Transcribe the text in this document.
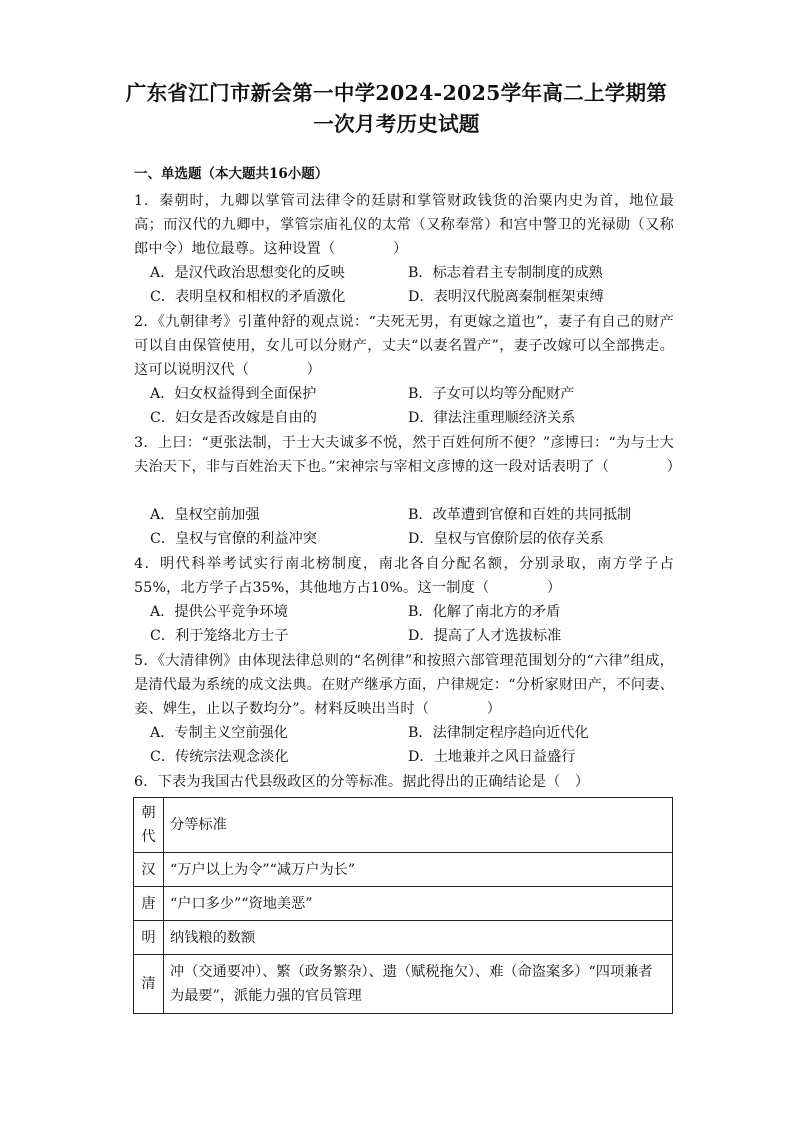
广东省江门市新会第一中学2024-2025学年高二上学期第
一次月考历史试题
一、单选题（本大题共16小题）
1．秦朝时，九卿以掌管司法律令的廷尉和掌管财政钱货的治粟内史为首，地位最高；而汉代的九卿中，掌管宗庙礼仪的太常（又称奉常）和宫中警卫的光禄勋（又称郎中令）地位最尊。这种设置（　　　　）
A．是汉代政治思想变化的反映	B．标志着君主专制制度的成熟
C．表明皇权和相权的矛盾激化	D．表明汉代脱离秦制框架束缚
2．《九朝律考》引董仲舒的观点说：“夫死无男，有更嫁之道也”，妻子有自己的财产可以自由保管使用，女儿可以分财产，丈夫“以妻名置产”，妻子改嫁可以全部携走。这可以说明汉代（　　　　）
A．妇女权益得到全面保护	B．子女可以均等分配财产
C．妇女是否改嫁是自由的	D．律法注重理顺经济关系
3．上曰：“更张法制，于士大夫诚多不悦，然于百姓何所不便？”彦博曰：“为与士大夫治天下，非与百姓治天下也。”宋神宗与宰相文彦博的这一段对话表明了（　　　　）
A．皇权空前加强	B．改革遭到官僚和百姓的共同抵制
C．皇权与官僚的利益冲突	D．皇权与官僚阶层的依存关系
4．明代科举考试实行南北榜制度，南北各自分配名额，分别录取，南方学子占55%，北方学子占35%，其他地方占10%。这一制度（　　　　）
A．提供公平竞争环境	B．化解了南北方的矛盾
C．利于笼络北方士子	D．提高了人才选拔标准
5．《大清律例》由体现法律总则的“名例律”和按照六部管理范围划分的“六律”组成，是清代最为系统的成文法典。在财产继承方面，户律规定：“分析家财田产，不问妻、妾、婢生，止以子数均分”。材料反映出当时（　　　　）
A．专制主义空前强化	B．法律制定程序趋向近代化
C．传统宗法观念淡化	D．土地兼并之风日益盛行
6．下表为我国古代县级政区的分等标准。据此得出的正确结论是（　）
朝代	分等标准
汉	“万户以上为令”“减万户为长”
唐	“户口多少”“资地美恶”
明	纳钱粮的数额
清	冲（交通要冲）、繁（政务繁杂）、遗（赋税拖欠）、难（命盗案多）“四项兼者为最要”，派能力强的官员管理
